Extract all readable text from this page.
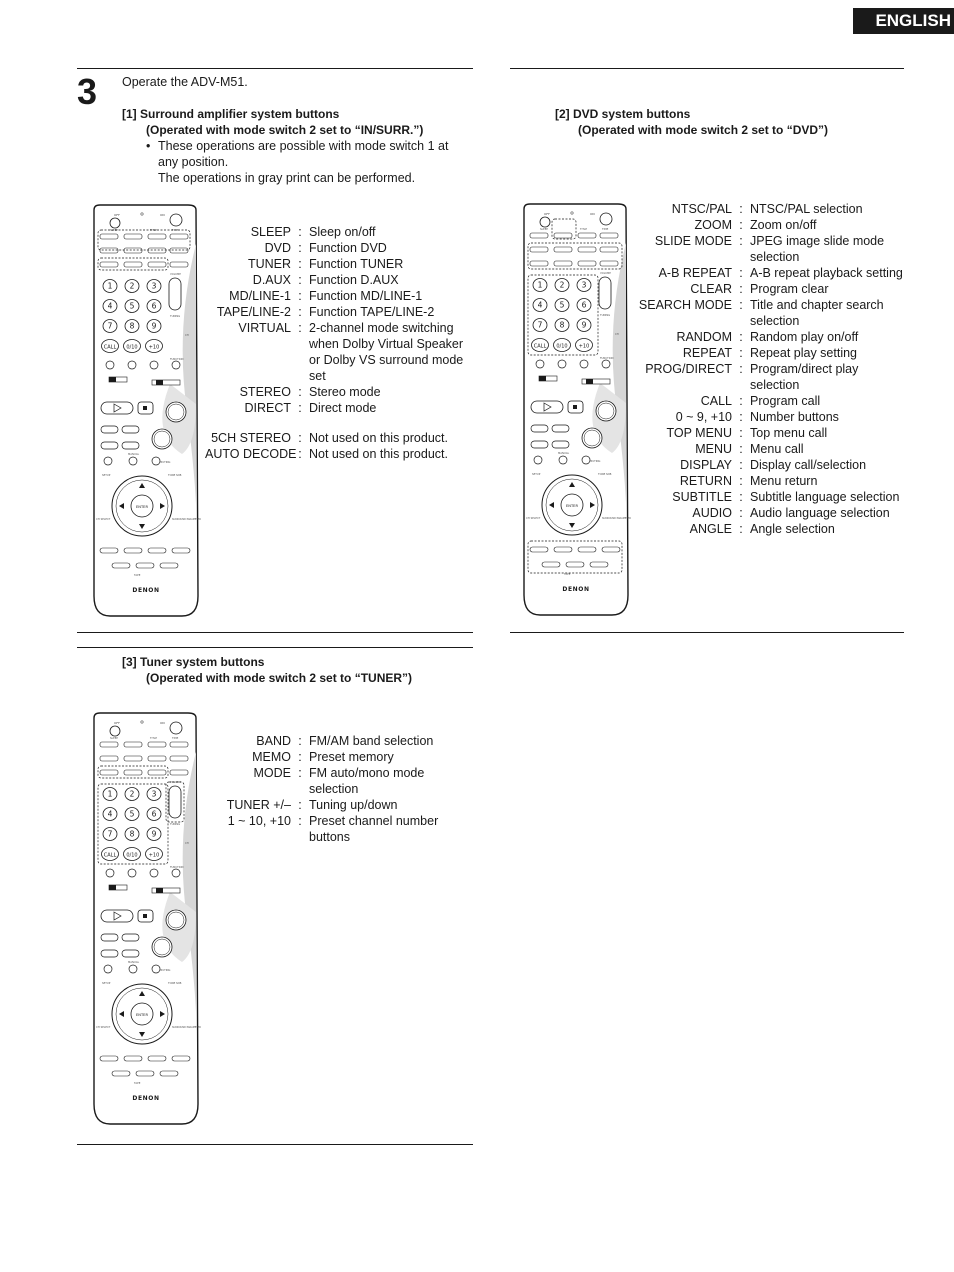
ENGLISH
3 Operate the ADV-M51.
[1] Surround amplifier system buttons
(Operated with mode switch 2 set to “IN/SURR.”)
• These operations are possible with mode switch 1 at
any position.
The operations in gray print can be performed.
[2] DVD system buttons
(Operated with mode switch 2 set to “DVD”)
SLEEP : Sleep on/off
DVD : Function DVD
TUNER : Function TUNER
D.AUX : Function D.AUX
MD/LINE-1 : Function MD/LINE-1
TAPE/LINE-2 : Function TAPE/LINE-2
VIRTUAL : 2-channel mode switching
when Dolby Virtual Speaker
or Dolby VS surround mode
set
STEREO : Stereo mode
DIRECT : Direct mode
5CH STEREO : Not used on this product.
AUTO DECODE : Not used on this product.
NTSC/PAL : NTSC/PAL selection
ZOOM : Zoom on/off
SLIDE MODE : JPEG image slide mode
selection
A-B REPEAT : A-B repeat playback setting
CLEAR : Program clear
SEARCH MODE : Title and chapter search
selection
RANDOM : Random play on/off
REPEAT : Repeat play setting
PROG/DIRECT : Program/direct play
selection
CALL : Program call
0 ~ 9, +10 : Number buttons
TOP MENU : Top menu call
MENU : Menu call
DISPLAY : Display call/selection
RETURN : Menu return
SUBTITLE : Subtitle language selection
AUDIO : Audio language selection
ANGLE : Angle selection
BAND : FM/AM band selection
MEMO : Preset memory
MODE : FM auto/mono mode
selection
TUNER +/– : Tuning up/down
1 ~ 10, +10 : Preset channel number
buttons
OFF	ON
SLEEP	TITLE	TIME
VOLUME
TUNING
1 2 3
4 5 6
7 8 9
CALL 0/10 +10
FUNCTION
CH
MANUAL
MUTING
SETUP	TONE SDB
ENTER
CH SELECT	SURROUND PARAMETER
TAPE
DENON
OFF	ON
SLEEP	TITLE	TIME
VOLUME
TUNING
1 2 3
4 5 6
7 8 9
CALL 0/10 +10
FUNCTION
CH
MANUAL
MUTING
SETUP	TONE SDB
ENTER
CH SELECT	SURROUND PARAMETER
TAPE
DENON
OFF	ON
SLEEP	TITLE	TIME
VOLUME
TUNING
1 2 3
4 5 6
7 8 9
CALL 0/10 +10
FUNCTION
CH
MANUAL
MUTING
SETUP	TONE SDB
ENTER
CH SELECT	SURROUND PARAMETER
TAPE
DENON
[3] Tuner system buttons
(Operated with mode switch 2 set to “TUNER”)
